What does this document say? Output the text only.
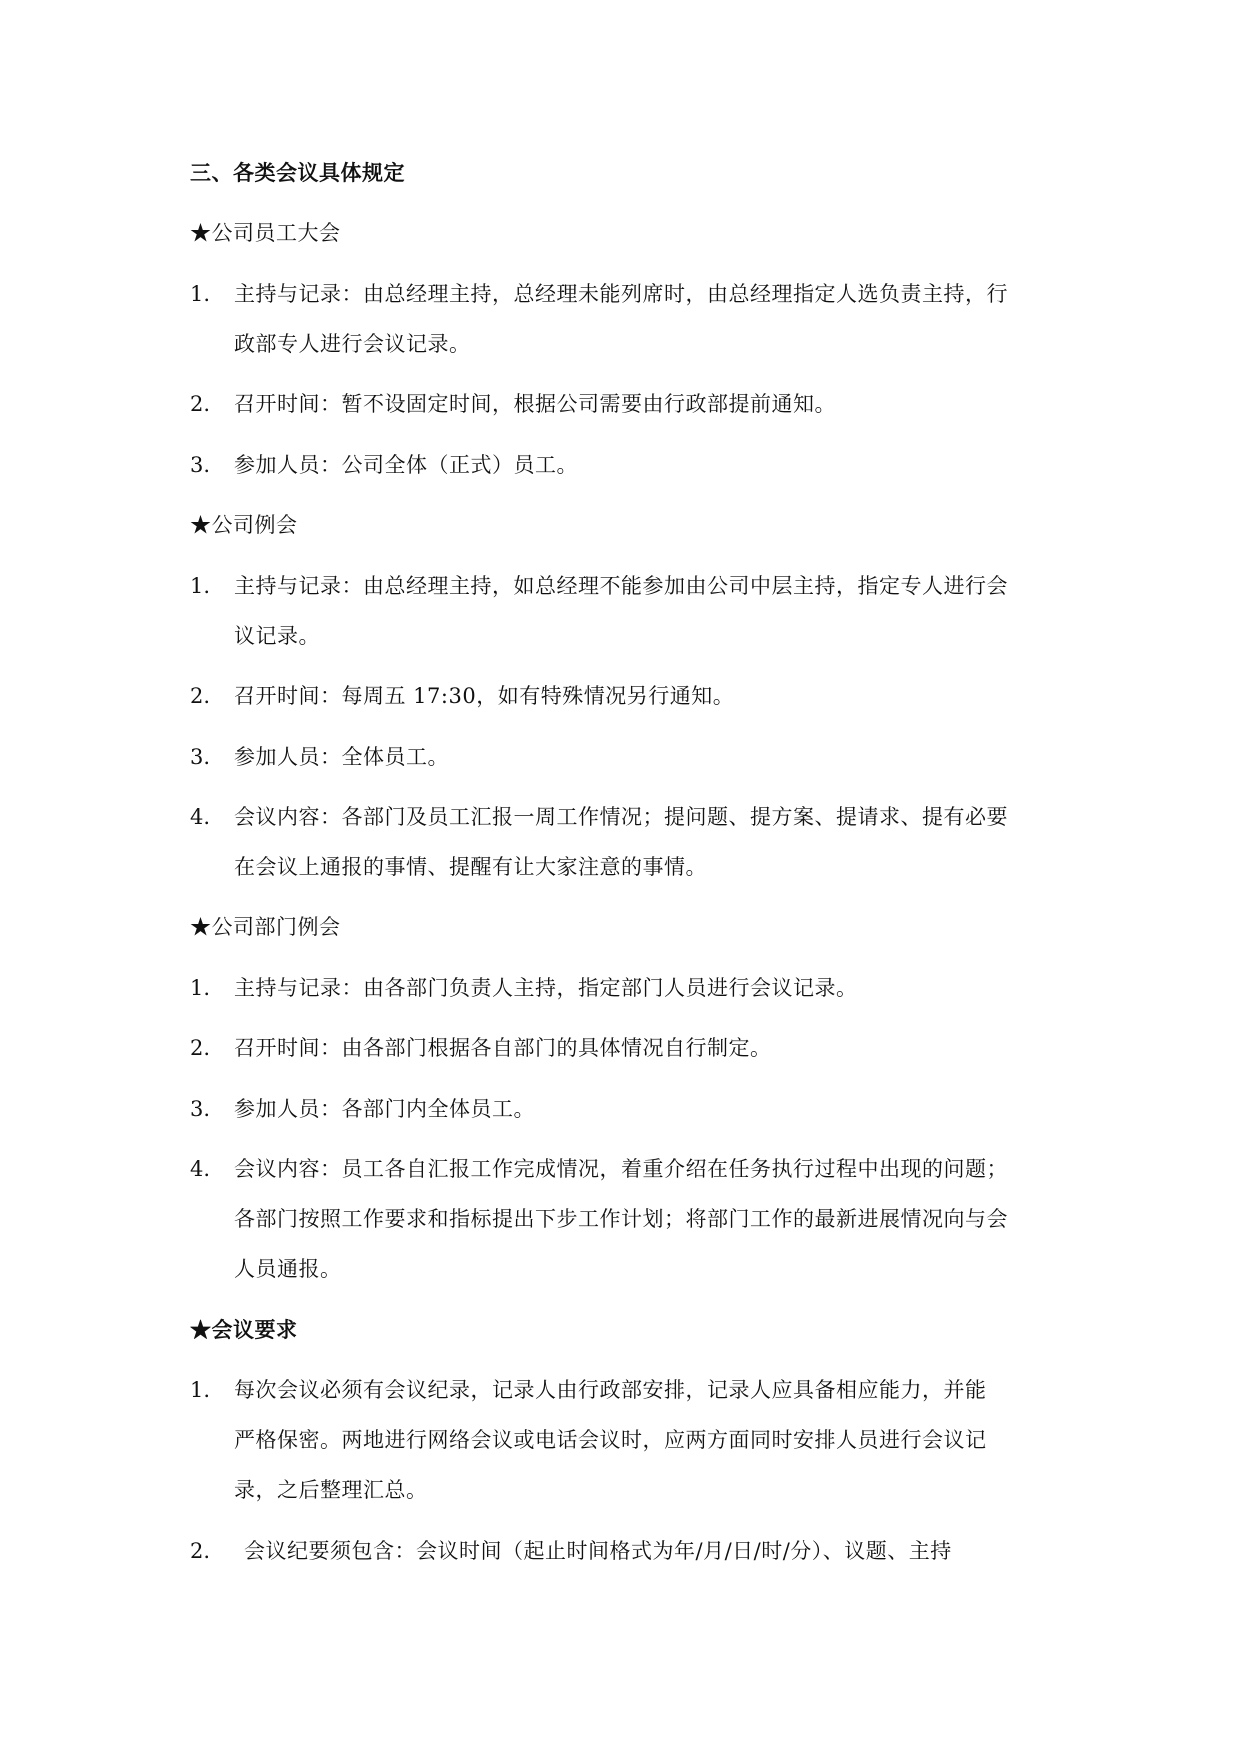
三、各类会议具体规定
★公司员工大会
1. 主持与记录：由总经理主持，总经理未能列席时，由总经理指定人选负责主持，行
政部专人进行会议记录。
2. 召开时间：暂不设固定时间，根据公司需要由行政部提前通知。
3. 参加人员：公司全体（正式）员工。
★公司例会
1. 主持与记录：由总经理主持，如总经理不能参加由公司中层主持，指定专人进行会
议记录。
2. 召开时间：每周五 17:30，如有特殊情况另行通知。
3. 参加人员：全体员工。
4. 会议内容：各部门及员工汇报一周工作情况；提问题、提方案、提请求、提有必要
在会议上通报的事情、提醒有让大家注意的事情。
★公司部门例会
1. 主持与记录：由各部门负责人主持，指定部门人员进行会议记录。
2. 召开时间：由各部门根据各自部门的具体情况自行制定。
3. 参加人员：各部门内全体员工。
4. 会议内容：员工各自汇报工作完成情况，着重介绍在任务执行过程中出现的问题；
各部门按照工作要求和指标提出下步工作计划；将部门工作的最新进展情况向与会
人员通报。
★会议要求
1. 每次会议必须有会议纪录，记录人由行政部安排，记录人应具备相应能力，并能
严格保密。两地进行网络会议或电话会议时，应两方面同时安排人员进行会议记
录，之后整理汇总。
2. 会议纪要须包含：会议时间（起止时间格式为年/月/日/时/分）、议题、主持
